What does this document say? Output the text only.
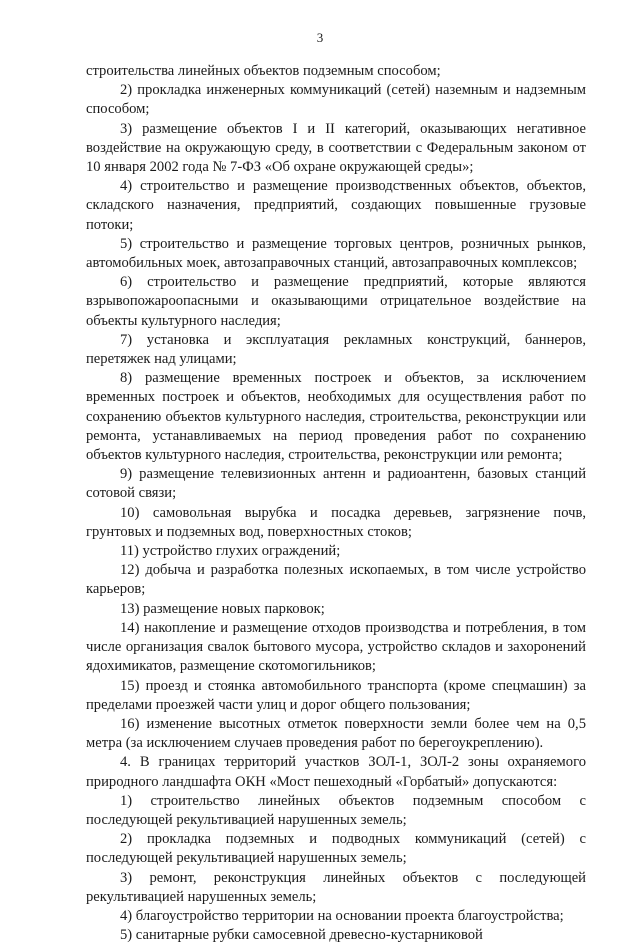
3

строительства линейных объектов подземным способом;

2) прокладка инженерных коммуникаций (сетей) наземным и надземным способом;

3) размещение объектов I и II категорий, оказывающих негативное воздействие на окружающую среду, в соответствии с Федеральным законом от 10 января 2002 года № 7-ФЗ «Об охране окружающей среды»;

4) строительство и размещение производственных объектов, объектов, складского назначения, предприятий, создающих повышенные грузовые потоки;

5) строительство и размещение торговых центров, розничных рынков, автомобильных моек, автозаправочных станций, автозаправочных комплексов;

6) строительство и размещение предприятий, которые являются взрывопожароопасными и оказывающими отрицательное воздействие на объекты культурного наследия;

7) установка и эксплуатация рекламных конструкций, баннеров, перетяжек над улицами;

8) размещение временных построек и объектов, за исключением временных построек и объектов, необходимых для осуществления работ по сохранению объектов культурного наследия, строительства, реконструкции или ремонта, устанавливаемых на период проведения работ по сохранению объектов культурного наследия, строительства, реконструкции или ремонта;

9) размещение телевизионных антенн и радиоантенн, базовых станций сотовой связи;

10) самовольная вырубка и посадка деревьев, загрязнение почв, грунтовых и подземных вод, поверхностных стоков;

11) устройство глухих ограждений;

12) добыча и разработка полезных ископаемых, в том числе устройство карьеров;

13) размещение новых парковок;

14) накопление и размещение отходов производства и потребления, в том числе организация свалок бытового мусора, устройство складов и захоронений ядохимикатов, размещение скотомогильников;

15) проезд и стоянка автомобильного транспорта (кроме спецмашин) за пределами проезжей части улиц и дорог общего пользования;

16) изменение высотных отметок поверхности земли более чем на 0,5 метра (за исключением случаев проведения работ по берегоукреплению).

4. В границах территорий участков ЗОЛ-1, ЗОЛ-2 зоны охраняемого природного ландшафта ОКН «Мост пешеходный «Горбатый» допускаются:

1) строительство линейных объектов подземным способом с последующей рекультивацией нарушенных земель;

2) прокладка подземных и подводных коммуникаций (сетей) с последующей рекультивацией нарушенных земель;

3) ремонт, реконструкция линейных объектов с последующей рекультивацией нарушенных земель;

4) благоустройство территории на основании проекта благоустройства;

5) санитарные рубки самосевной древесно-кустарниковой
